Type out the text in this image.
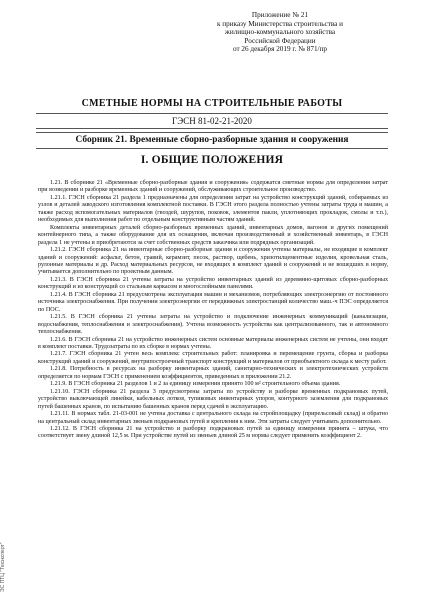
Приложение № 21
к приказу Министерства строительства и
жилищно-коммунального хозяйства
Российской Федерации
от 26 декабря 2019 г. № 871/пр
СМЕТНЫЕ НОРМЫ НА СТРОИТЕЛЬНЫЕ РАБОТЫ
ГЭСН 81-02-21-2020
Сборник 21. Временные сборно-разборные здания и сооружения
I. ОБЩИЕ ПОЛОЖЕНИЯ

1.21. В сборнике 21 «Временные сборно-разборные здания и сооружения» содержатся сметные нормы для определения затрат при возведении и разборке временных зданий и сооружений, обслуживающих строительное производство.

1.21.1. ГЭСН сборника 21 раздела 1 предназначены для определения затрат на устройство конструкций зданий, собираемых из узлов и деталей заводского изготовления комплектной поставки. В ГЭСН этого раздела полностью учтены затраты труда и машин, а также расход вспомогательных материалов (гвоздей, шурупов, поковок, элементов пакли, уплотняющих прокладок, смолы и т.п.), необходимых для выполнения работ по отдельным конструктивным частям зданий.

Комплекты инвентарных деталей сборно-разборных временных зданий, инвентарных домов, вагонов и других помещений контейнерного типа, а также оборудование для их оснащения, включая производственный и хозяйственный инвентарь, в ГЭСН раздела 1 не учтены и приобретаются за счет собственных средств заказчика или подрядных организаций.

1.21.2. ГЭСН сборника 21 на инвентарные сборно-разборные здания и сооружения учтены материалы, не входящие в комплект зданий и сооружений: асфальт, бетон, гравий, керамзит, песок, раствор, щебень, хризотилцементные изделия, кровельная сталь, рулонные материалы и др. Расход материальных ресурсов, не входящих в комплект зданий и сооружений и не вошедших в норму, учитывается дополнительно по проектным данным.

1.21.3. В ГЭСН сборника 21 учтены затраты на устройство инвентарных зданий из деревянно-щитовых сборно-разборных конструкций и из конструкций со стальным каркасом и многослойными панелями.

1.21.4. В ГЭСН сборника 21 предусмотрена эксплуатация машин и механизмов, потребляющих электроэнергию от постоянного источника электроснабжения. При получении электроэнергии от передвижных электростанций количество маш.-ч ПЭС определяется по ПОС.

1.21.5. В ГЭСН сборника 21 учтены затраты на устройство и подключение инженерных коммуникаций (канализации, водоснабжения, теплоснабжения и электроснабжения). Учтена возможность устройства как централизованного, так и автономного теплоснабжения.

1.21.6. В ГЭСН сборника 21 на устройство инженерных систем основные материалы инженерных систем не учтены, они входят в комплект поставки. Трудозатраты по их сборке в нормах учтены.

1.21.7. ГЭСН сборника 21 учтен весь комплекс строительных работ: планировка и перемещение грунта, сборка и разборка конструкций зданий и сооружений, внутрипостроечный транспорт конструкций и материалов от приобъектного склада к месту работ.

1.21.8. Потребность в ресурсах на разборку инвентарных зданий, санитарно-технических и электротехнических устройств определяется по нормам ГЭСН с применением коэффициентов, приведенных в приложении 21.2.

1.21.9. В ГЭСН сборника 21 разделов 1 и 2 за единицу измерения принято 100 м² строительного объема здания.

1.21.10. ГЭСН сборника 21 раздела 3 предусмотрены затраты по устройству и разборке временных подкрановых путей, устройство выключающей линейки, кабельных лотков, тупиковых инвентарных упоров, контурного заземления для подкрановых путей башенных кранов, по испытанию башенных кранов перед сдачей в эксплуатацию.

1.21.11. В нормах табл. 21-03-001 не учтена доставка с центрального склада на стройплощадку (прирельсовый склад) и обратно на центральный склад инвентарных звеньев подкрановых путей и крепления к ним. Эти затраты следует учитывать дополнительно.

1.21.12. В ГЭСН сборника 21 на устройство и разборку подкрановых путей за единицу измерения принята – штука, что соответствует звену длиной 12,5 м. При устройстве путей из звеньев длиной 25 м нормы следует применять коэффициент 2.

ЭС ПТЦ "Техэксперт"
